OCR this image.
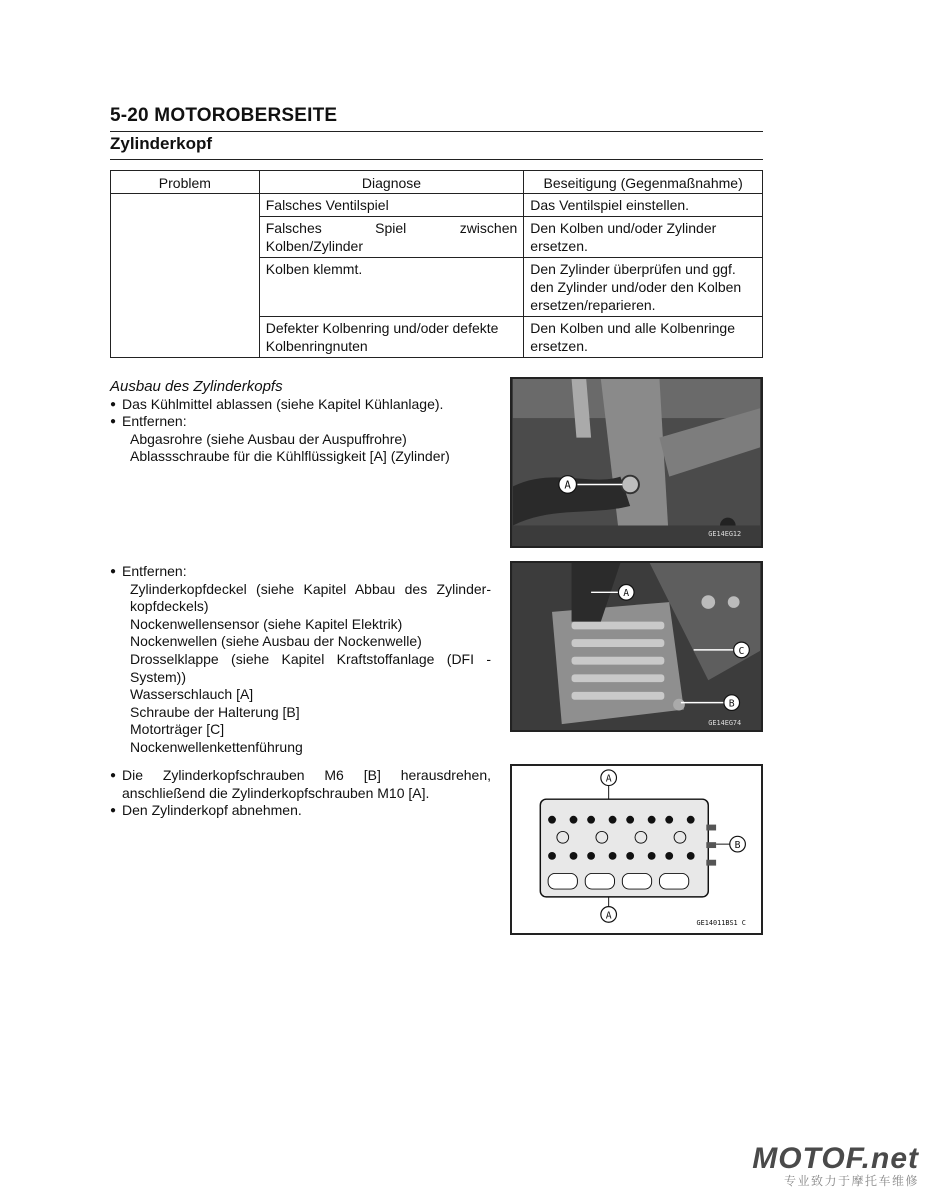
5-20 MOTOROBERSEITE
Zylinderkopf
Problem	Diagnose	Beseitigung (Gegenmaßnahme)
	Falsches Ventilspiel	Das Ventilspiel einstellen.
	Falsches Spiel zwischen Kolben/Zylinder	Den Kolben und/oder Zylinder ersetzen.
	Kolben klemmt.	Den Zylinder überprüfen und ggf. den Zylinder und/oder den Kolben ersetzen/reparieren.
	Defekter Kolbenring und/oder defekte Kolbenringnuten	Den Kolben und alle Kolbenringe ersetzen.
Ausbau des Zylinderkopfs
● Das Kühlmittel ablassen (siehe Kapitel Kühlanlage).
● Entfernen:
Abgasrohre (siehe Ausbau der Auspuffrohre)
Ablassschraube für die Kühlflüssigkeit [A] (Zylinder)
● Entfernen:
Zylinderkopfdeckel (siehe Kapitel Abbau des Zylinder-kopfdeckels)
Nockenwellensensor (siehe Kapitel Elektrik)
Nockenwellen (siehe Ausbau der Nockenwelle)
Drosselklappe (siehe Kapitel Kraftstoffanlage (DFI -System))
Wasserschlauch [A]
Schraube der Halterung [B]
Motorträger [C]
Nockenwellenkettenführung
● Die Zylinderkopfschrauben M6 [B] herausdrehen, anschließend die Zylinderkopfschrauben M10 [A].
● Den Zylinderkopf abnehmen.
A
GE14EG12
A
C
B
GE14EG74
A
A
B
GE14011BS1 C
MOTOF.net
专业致力于摩托车维修
